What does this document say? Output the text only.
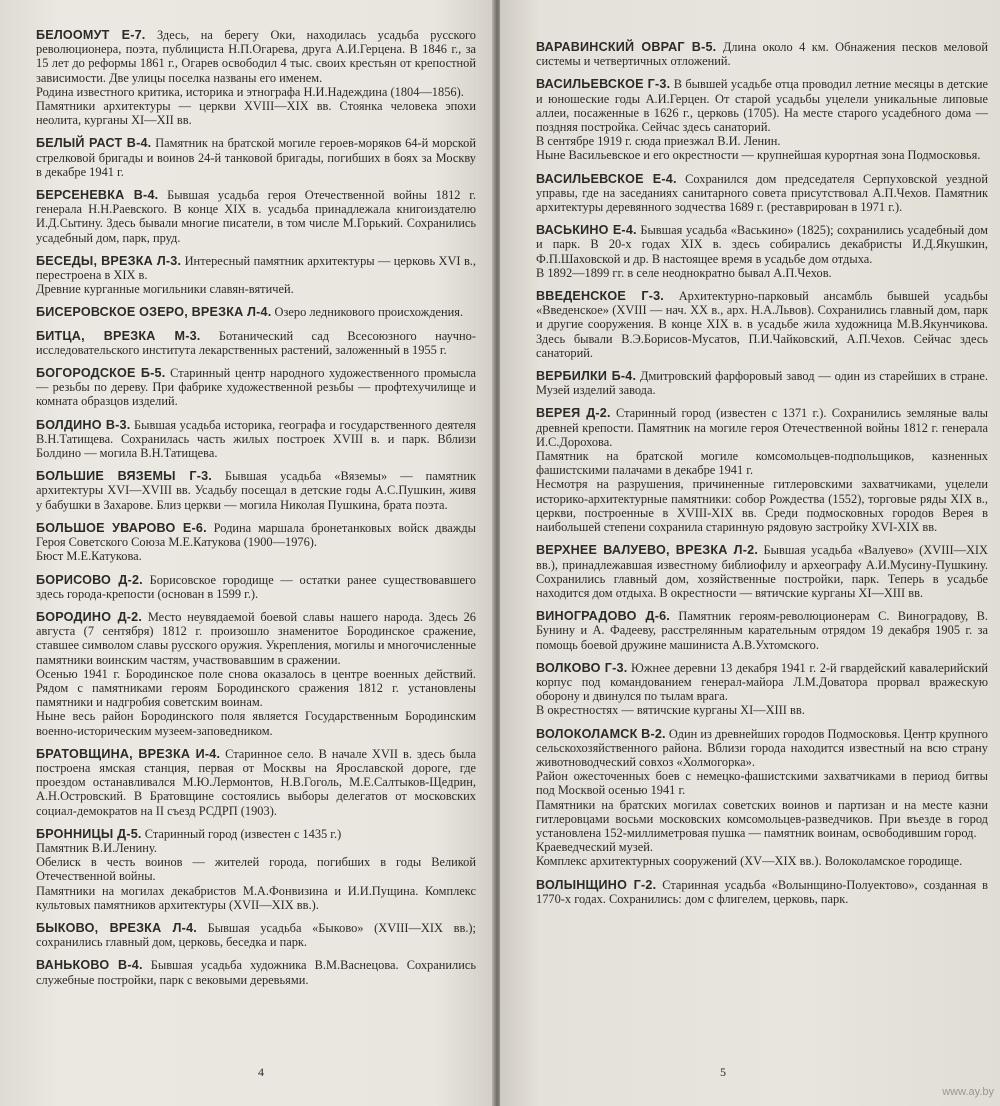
БЕЛООМУТ Е-7. Здесь, на берегу Оки, находилась усадьба русского революционера, поэта, публициста Н.П.Огарева, друга А.И.Герцена. В 1846 г., за 15 лет до реформы 1861 г., Огарев освободил 4 тыс. своих крестьян от крепостной зависимости. Две улицы поселка названы его именем.

Родина известного критика, историка и этнографа Н.И.Надеждина (1804—1856).

Памятники архитектуры — церкви XVIII—XIX вв. Стоянка человека эпохи неолита, курганы XI—XII вв.

БЕЛЫЙ РАСТ В-4. Памятник на братской могиле героев-моряков 64-й морской стрелковой бригады и воинов 24-й танковой бригады, погибших в боях за Москву в декабре 1941 г.

БЕРСЕНЕВКА В-4. Бывшая усадьба героя Отечественной войны 1812 г. генерала Н.Н.Раевского. В конце XIX в. усадьба принадлежала книгоиздателю И.Д.Сытину. Здесь бывали многие писатели, в том числе М.Горький. Сохранились усадебный дом, парк, пруд.

БЕСЕДЫ, ВРЕЗКА Л-3. Интересный памятник архитектуры — церковь XVI в., перестроена в XIX в.

Древние курганные могильники славян-вятичей.

БИСЕРОВСКОЕ ОЗЕРО, ВРЕЗКА Л-4. Озеро ледникового происхождения.

БИТЦА, ВРЕЗКА М-3. Ботанический сад Всесоюзного научно-исследовательского института лекарственных растений, заложенный в 1955 г.

БОГОРОДСКОЕ Б-5. Старинный центр народного художественного промысла — резьбы по дереву. При фабрике художественной резьбы — профтехучилище и комната образцов изделий.

БОЛДИНО В-3. Бывшая усадьба историка, географа и государственного деятеля В.Н.Татищева. Сохранилась часть жилых построек XVIII в. и парк. Вблизи Болдино — могила В.Н.Татищева.

БОЛЬШИЕ ВЯЗЕМЫ Г-3. Бывшая усадьба «Вяземы» — памятник архитектуры XVI—XVIII вв. Усадьбу посещал в детские годы А.С.Пушкин, живя у бабушки в Захарове. Близ церкви — могила Николая Пушкина, брата поэта.

БОЛЬШОЕ УВАРОВО Е-6. Родина маршала бронетанковых войск дважды Героя Советского Союза М.Е.Катукова (1900—1976).

Бюст М.Е.Катукова.

БОРИСОВО Д-2. Борисовское городище — остатки ранее существовавшего здесь города-крепости (основан в 1599 г.).

БОРОДИНО Д-2. Место неувядаемой боевой славы нашего народа. Здесь 26 августа (7 сентября) 1812 г. произошло знаменитое Бородинское сражение, ставшее символом славы русского оружия. Укрепления, могилы и многочисленные памятники воинским частям, участвовавшим в сражении.

Осенью 1941 г. Бородинское поле снова оказалось в центре военных действий. Рядом с памятниками героям Бородинского сражения 1812 г. установлены памятники и надгробия советским воинам.

Ныне весь район Бородинского поля является Государственным Бородинским военно-историческим музеем-заповедником.

БРАТОВЩИНА, ВРЕЗКА И-4. Старинное село. В начале XVII в. здесь была построена ямская станция, первая от Москвы на Ярославской дороге, где проездом останавливался М.Ю.Лермонтов, Н.В.Гоголь, М.Е.Салтыков-Щедрин, А.Н.Островский. В Братовщине состоялись выборы делегатов от московских социал-демократов на II съезд РСДРП (1903).

БРОННИЦЫ Д-5. Старинный город (известен с 1435 г.)

Памятник В.И.Ленину.

Обелиск в честь воинов — жителей города, погибших в годы Великой Отечественной войны.

Памятники на могилах декабристов М.А.Фонвизина и И.И.Пущина. Комплекс культовых памятников архитектуры (XVII—XIX вв.).

БЫКОВО, ВРЕЗКА Л-4. Бывшая усадьба «Быково» (XVIII—XIX вв.); сохранились главный дом, церковь, беседка и парк.

ВАНЬКОВО В-4. Бывшая усадьба художника В.М.Васнецова. Сохранились служебные постройки, парк с вековыми деревьями.

4

ВАРАВИНСКИЙ ОВРАГ В-5. Длина около 4 км. Обнажения песков меловой системы и четвертичных отложений.

ВАСИЛЬЕВСКОЕ Г-3. В бывшей усадьбе отца проводил летние месяцы в детские и юношеские годы А.И.Герцен. От старой усадьбы уцелели уникальные липовые аллеи, посаженные в 1626 г., церковь (1705). На месте старого усадебного дома — поздняя постройка. Сейчас здесь санаторий.

В сентябре 1919 г. сюда приезжал В.И. Ленин.

Ныне Васильевское и его окрестности — крупнейшая курортная зона Подмосковья.

ВАСИЛЬЕВСКОЕ Е-4. Сохранился дом председателя Серпуховской уездной управы, где на заседаниях санитарного совета присутствовал А.П.Чехов. Памятник архитектуры деревянного зодчества 1689 г. (реставрирован в 1971 г.).

ВАСЬКИНО Е-4. Бывшая усадьба «Васькино» (1825); сохранились усадебный дом и парк. В 20-х годах XIX в. здесь собирались декабристы И.Д.Якушкин, Ф.П.Шаховской и др. В настоящее время в усадьбе дом отдыха.

В 1892—1899 гг. в селе неоднократно бывал А.П.Чехов.

ВВЕДЕНСКОЕ Г-3. Архитектурно-парковый ансамбль бывшей усадьбы «Введенское» (XVIII — нач. XX в., арх. Н.А.Львов). Сохранились главный дом, парк и другие сооружения. В конце XIX в. в усадьбе жила художница М.В.Якунчикова. Здесь бывали В.Э.Борисов-Мусатов, П.И.Чайковский, А.П.Чехов. Сейчас здесь санаторий.

ВЕРБИЛКИ Б-4. Дмитровский фарфоровый завод — один из старейших в стране. Музей изделий завода.

ВЕРЕЯ Д-2. Старинный город (известен с 1371 г.). Сохранились земляные валы древней крепости. Памятник на могиле героя Отечественной войны 1812 г. генерала И.С.Дорохова.

Памятник на братской могиле комсомольцев-подпольщиков, казненных фашистскими палачами в декабре 1941 г.

Несмотря на разрушения, причиненные гитлеровскими захватчиками, уцелели историко-архитектурные памятники: собор Рождества (1552), торговые ряды XIX в., церкви, построенные в XVIII-XIX вв. Среди подмосковных городов Верея в наибольшей степени сохранила старинную рядовую застройку XVI-XIX вв.

ВЕРХНЕЕ ВАЛУЕВО, ВРЕЗКА Л-2. Бывшая усадьба «Валуево» (XVIII—XIX вв.), принадлежавшая известному библиофилу и археографу А.И.Мусину-Пушкину. Сохранились главный дом, хозяйственные постройки, парк. Теперь в усадьбе находится дом отдыха. В окрестности — вятичские курганы XI—XIII вв.

ВИНОГРАДОВО Д-6. Памятник героям-революционерам С. Виноградову, В. Бунину и А. Фадееву, расстрелянным карательным отрядом 19 декабря 1905 г. за помощь боевой дружине машиниста А.В.Ухтомского.

ВОЛКОВО Г-3. Южнее деревни 13 декабря 1941 г. 2-й гвардейский кавалерийский корпус под командованием генерал-майора Л.М.Доватора прорвал вражескую оборону и двинулся по тылам врага.

В окрестностях — вятичские курганы XI—XIII вв.

ВОЛОКОЛАМСК В-2. Один из древнейших городов Подмосковья. Центр крупного сельскохозяйственного района. Вблизи города находится известный на всю страну животноводческий совхоз «Холмогорка».

Район ожесточенных боев с немецко-фашистскими захватчиками в период битвы под Москвой осенью 1941 г.

Памятники на братских могилах советских воинов и партизан и на месте казни гитлеровцами восьми московских комсомольцев-разведчиков. При въезде в город установлена 152-миллиметровая пушка — памятник воинам, освободившим город.

Краеведческий музей.

Комплекс архитектурных сооружений (XV—XIX вв.). Волоколамское городище.

ВОЛЫНЩИНО Г-2. Старинная усадьба «Волынщино-Полуектово», созданная в 1770-х годах. Сохранились: дом с флигелем, церковь, парк.

5
www.ay.by
